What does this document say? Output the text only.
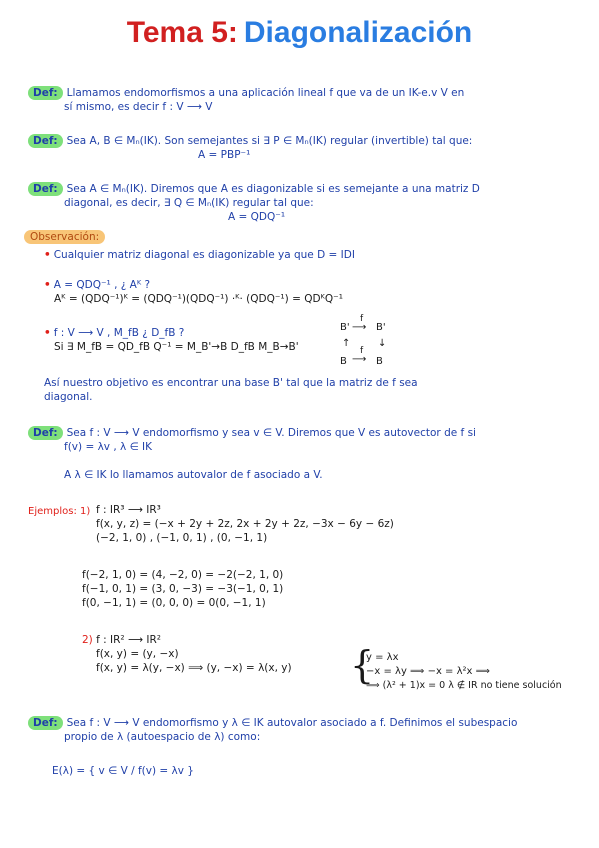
Tema 5: Diagonalización
Def: Llamamos endomorfismos a una aplicación lineal f que va de un IK-e.v V en
sí mismo, es decir f : V ⟶ V
Def: Sea A, B ∈ Mₙ(IK). Son semejantes si ∃ P ∈ Mₙ(IK) regular (invertible) tal que:
A = PBP⁻¹
Def: Sea A ∈ Mₙ(IK). Diremos que A es diagonizable si es semejante a una matriz D
diagonal, es decir, ∃ Q ∈ Mₙ(IK) regular tal que:
A = QDQ⁻¹
Observación:
• Cualquier matriz diagonal es diagonizable ya que D = IDI
• A = QDQ⁻¹ , ¿ Aᴷ ?
Aᴷ = (QDQ⁻¹)ᴷ = (QDQ⁻¹)(QDQ⁻¹) ·ᴷ· (QDQ⁻¹) = QDᴷQ⁻¹
• f : V ⟶ V , M_fB ¿ D_fB ?
Si ∃ M_fB = QD_fB Q⁻¹ = M_B'→B D_fB M_B→B'
B'
f
⟶ B'
↑	↓
B
f
⟶ B
Así nuestro objetivo es encontrar una base B' tal que la matriz de f sea
diagonal.
Def: Sea f : V ⟶ V endomorfismo y sea v ∈ V. Diremos que V es autovector de f si
f(v) = λv , λ ∈ IK
A λ ∈ IK lo llamamos autovalor de f asociado a V.
Ejemplos: 1) f : IR³ ⟶ IR³
f(x, y, z) = (−x + 2y + 2z, 2x + 2y + 2z, −3x − 6y − 6z)
(−2, 1, 0) , (−1, 0, 1) , (0, −1, 1)
f(−2, 1, 0) = (4, −2, 0) = −2(−2, 1, 0)
f(−1, 0, 1) = (3, 0, −3) = −3(−1, 0, 1)
f(0, −1, 1) = (0, 0, 0) = 0(0, −1, 1)
2) f : IR² ⟶ IR²
f(x, y) = (y, −x)
f(x, y) = λ(y, −x) ⟹ (y, −x) = λ(x, y) {
y = λx
−x = λy ⟹ −x = λ²x ⟹
⟹ (λ² + 1)x = 0 λ ∉ IR no tiene solución
Def: Sea f : V ⟶ V endomorfismo y λ ∈ IK autovalor asociado a f. Definimos el subespacio
propio de λ (autoespacio de λ) como:
E(λ) = { v ∈ V / f(v) = λv }
